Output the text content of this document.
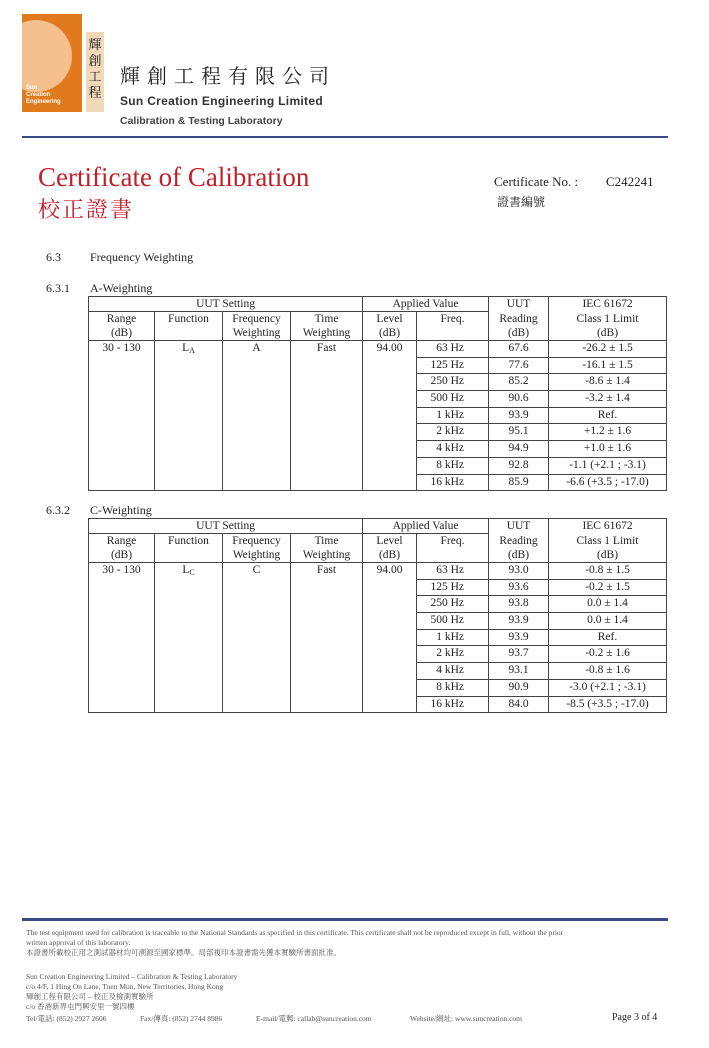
Sun
Creation
Engineering
輝創工程
輝創工程有限公司
Sun Creation Engineering Limited
Calibration & Testing Laboratory
Certificate of Calibration
校正證書
Certificate No. : C242241
證書編號
6.3 Frequency Weighting
6.3.1 A-Weighting
UUT Setting				Applied Value		UUT	IEC 61672
Range	Function	Frequency	Time	Level	Freq.	Reading	Class 1 Limit
(dB)		Weighting	Weighting	(dB)		(dB)	(dB)
30 - 130	$L_A$	A	Fast	94.00	63 Hz	67.6	-26.2 ± 1.5
					125 Hz	77.6	-16.1 ± 1.5
					250 Hz	85.2	-8.6 ± 1.4
					500 Hz	90.6	-3.2 ± 1.4
					1 kHz	93.9	Ref.
					2 kHz	95.1	+1.2 ± 1.6
					4 kHz	94.9	+1.0 ± 1.6
					8 kHz	92.8	-1.1 (+2.1 ; -3.1)
					16 kHz	85.9	-6.6 (+3.5 ; -17.0)
6.3.2 C-Weighting
UUT Setting				Applied Value		UUT	IEC 61672
Range	Function	Frequency	Time	Level	Freq.	Reading	Class 1 Limit
(dB)		Weighting	Weighting	(dB)		(dB)	(dB)
30 - 130	$L_C$	C	Fast	94.00	63 Hz	93.0	-0.8 ± 1.5
					125 Hz	93.6	-0.2 ± 1.5
					250 Hz	93.8	0.0 ± 1.4
					500 Hz	93.9	0.0 ± 1.4
					1 kHz	93.9	Ref.
					2 kHz	93.7	-0.2 ± 1.6
					4 kHz	93.1	-0.8 ± 1.6
					8 kHz	90.9	-3.0 (+2.1 ; -3.1)
					16 kHz	84.0	-8.5 (+3.5 ; -17.0)
The test equipment used for calibration is traceable to the National Standards as specified in this certificate. This certificate shall not be reproduced except in full, without the prior
written approval of this laboratory.
本證書所載校正用之測試器材均可溯源至國家標準。局部複印本證書需先獲本實驗所書面批准。
Sun Creation Engineering Limited – Calibration & Testing Laboratory
c/o 4/F, 1 Hing On Lane, Tuen Mun, New Territories, Hong Kong
輝創工程有限公司 – 校正及檢測實驗所
c/o 香港新界屯門興安里一號四樓
Tel/電話: (852) 2927 2606	Fax/傳真: (852) 2744 8986	E-mail/電郵: callab@suncreation.com	Website/網址: www.suncreation.com	Page 3 of 4
